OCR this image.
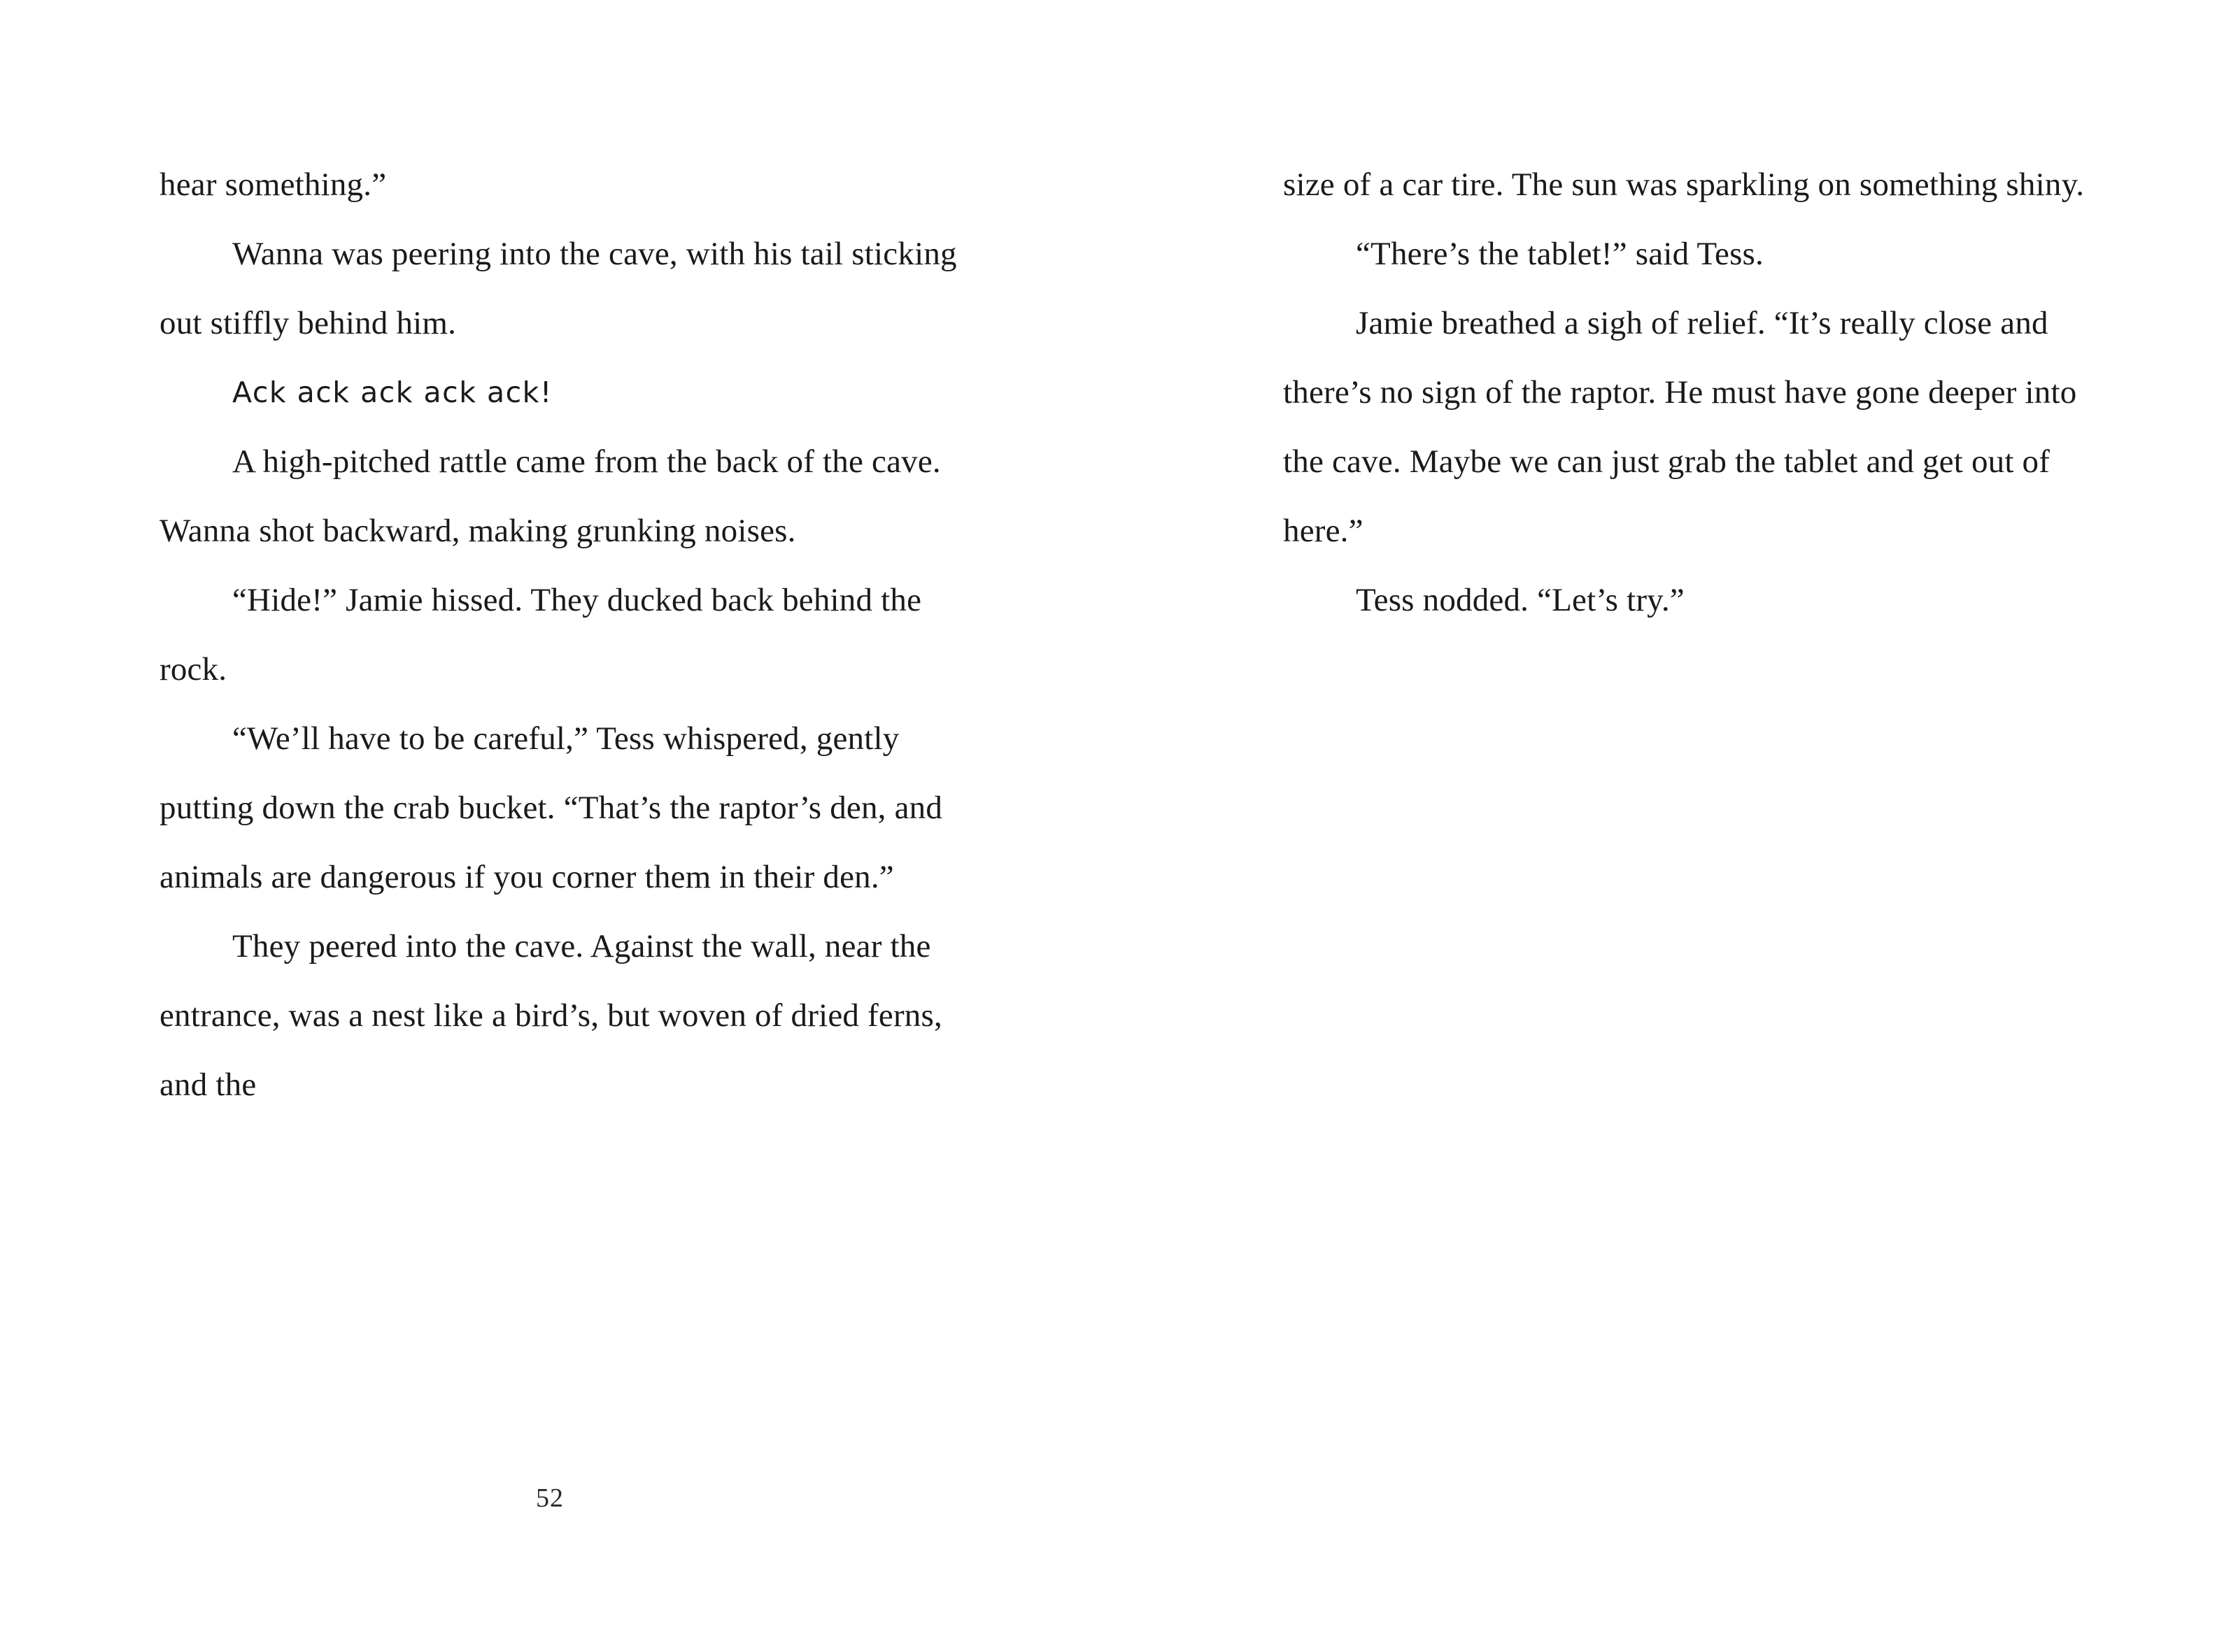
hear something.”

Wanna was peering into the cave, with his tail sticking out stiffly behind him.

Ack ack ack ack ack!

A high-pitched rattle came from the back of the cave. Wanna shot backward, making grunking noises.

“Hide!” Jamie hissed. They ducked back behind the rock.

“We’ll have to be careful,” Tess whispered, gently putting down the crab bucket. “That’s the raptor’s den, and animals are dangerous if you corner them in their den.”

They peered into the cave. Against the wall, near the entrance, was a nest like a bird’s, but woven of dried ferns, and the

52

size of a car tire. The sun was sparkling on something shiny.

“There’s the tablet!” said Tess.

Jamie breathed a sigh of relief. “It’s really close and there’s no sign of the raptor. He must have gone deeper into the cave. Maybe we can just grab the tablet and get out of here.”

Tess nodded. “Let’s try.”
